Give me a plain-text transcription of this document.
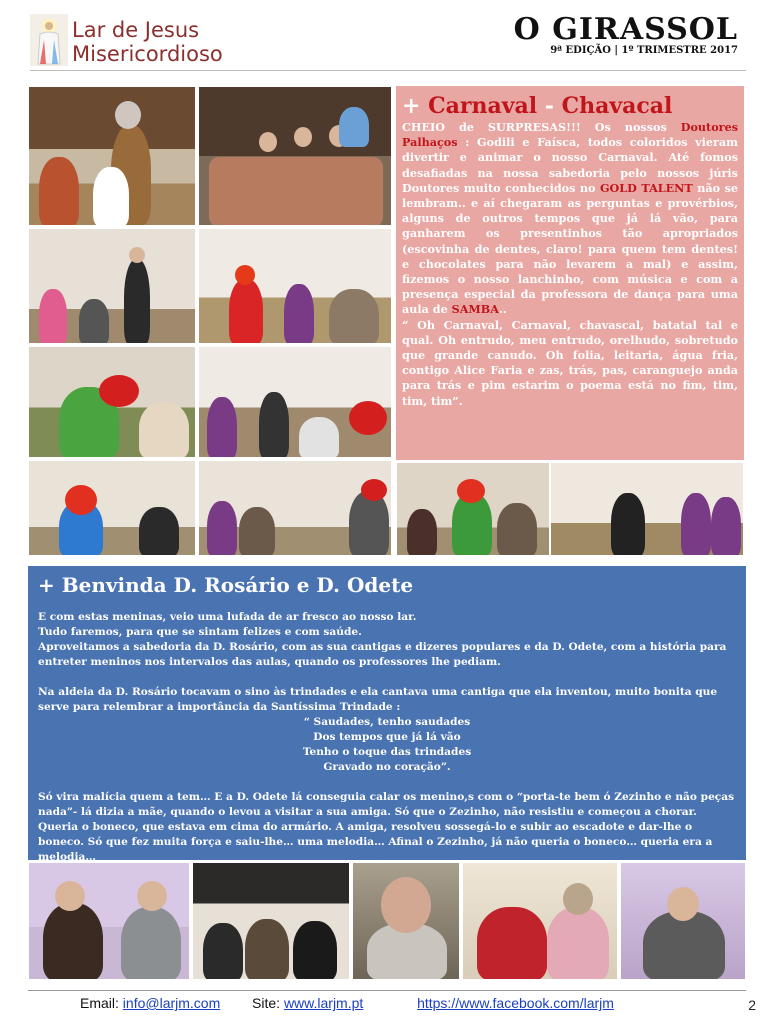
Lar de Jesus
Misericordioso
O GIRASSOL
9ª EDIÇÃO | 1º TRIMESTRE 2017
+ Carnaval - Chavacal

CHEIO de SURPRESAS!!! Os nossos Doutores Palhaços : Godili e Faísca, todos coloridos vieram divertir e animar o nosso Carnaval. Até fomos desafiadas na nossa sabedoria pelo nossos júris Doutores muito conhecidos no GOLD TALENT não se lembram.. e aí chegaram as perguntas e provérbios, alguns de outros tempos que já lá vão, para ganharem os presentinhos tão apropriados (escovinha de dentes, claro! para quem tem dentes! e chocolates para não levarem a mal) e assim, fizemos o nosso lanchinho, com música e com a presença especial da professora de dança para uma aula de SAMBA..

“ Oh Carnaval, Carnaval, chavascal, batatal tal e qual. Oh entrudo, meu entrudo, orelhudo, sobretudo que grande canudo. Oh folia, leitaria, água fria, contigo Alice Faria e zas, trás, pas, caranguejo anda para trás e pim estarim o poema está no fim, tim, tim, tim”.

+ Benvinda D. Rosário e D. Odete

E com estas meninas, veio uma lufada de ar fresco ao nosso lar.

Tudo faremos, para que se sintam felizes e com saúde.

Aproveitamos a sabedoria da D. Rosário, com as sua cantigas e dizeres populares e da D. Odete, com a história para entreter meninos nos intervalos das aulas, quando os professores lhe pediam.

Na aldeia da D. Rosário tocavam o sino às trindades e ela cantava uma cantiga que ela inventou, muito bonita que serve para relembrar a importância da Santíssima Trindade :

“ Saudades, tenho saudades

Dos tempos que já lá vão

Tenho o toque das trindades

Gravado no coração”.

Só vira malícia quem a tem… E a D. Odete lá conseguia calar os menino,s com o “porta-te bem ó Zezinho e não peças nada”- lá dizia a mãe, quando o levou a visitar a sua amiga. Só que o Zezinho, não resistiu e começou a chorar. Queria o boneco, que estava em cima do armário. A amiga, resolveu sossegá-lo e subir ao escadote e dar-lhe o boneco. Só que fez muita força e saiu-lhe… uma melodia… Afinal o Zezinho, já não queria o boneco… queria era a melodia…

Email: info@larjm.com Site: www.larjm.pt	https://www.facebook.com/larjm	2
